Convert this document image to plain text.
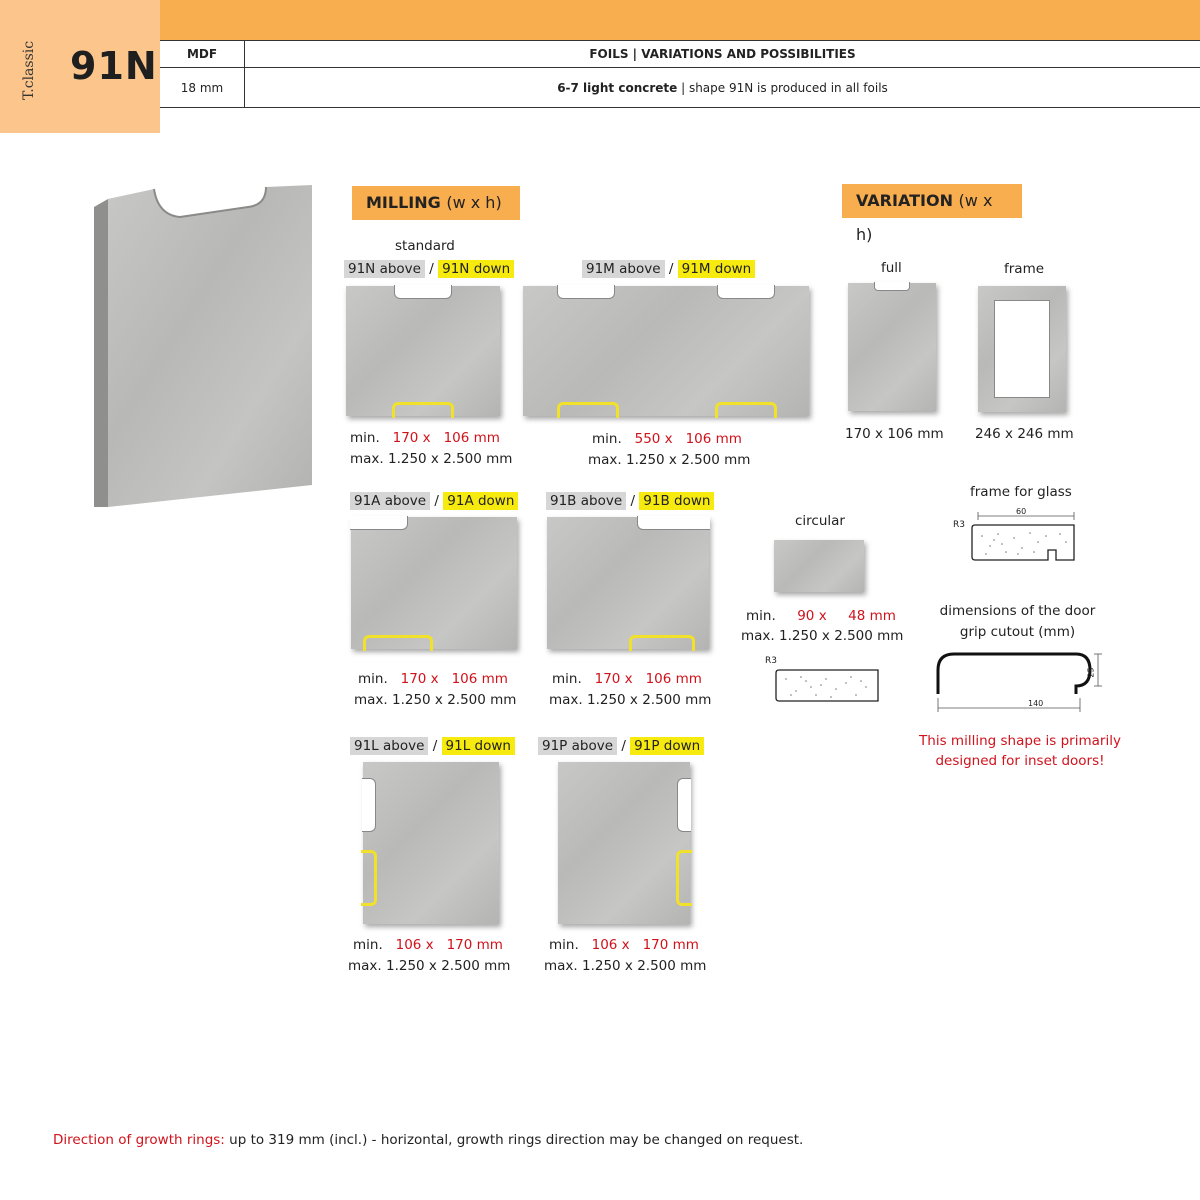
T.classic 91N	MDF	FOILS | VARIATIONS AND POSSIBILITIES
18 mm	6-7 light concrete | shape 91N is produced in all foils
MILLING (w x h)
standard
91N above / 91N down
min. 170 x 106 mm
max. 1.250 x 2.500 mm
91M above / 91M down
min. 550 x 106 mm
max. 1.250 x 2.500 mm
91A above / 91A down
min. 170 x 106 mm
max. 1.250 x 2.500 mm
91B above / 91B down
min. 170 x 106 mm
max. 1.250 x 2.500 mm
91L above / 91L down
min. 106 x 170 mm
max. 1.250 x 2.500 mm
91P above / 91P down
min. 106 x 170 mm
max. 1.250 x 2.500 mm
VARIATION (w x h)
full
170 x 106 mm
frame
246 x 246 mm
frame for glass
R3
60
circular
min. 90 x 48 mm
max. 1.250 x 2.500 mm
R3
dimensions of the door
grip cutout (mm)
140
25
This milling shape is primarily
designed for inset doors!
Direction of growth rings: up to 319 mm (incl.) - horizontal, growth rings direction may be changed on request.
